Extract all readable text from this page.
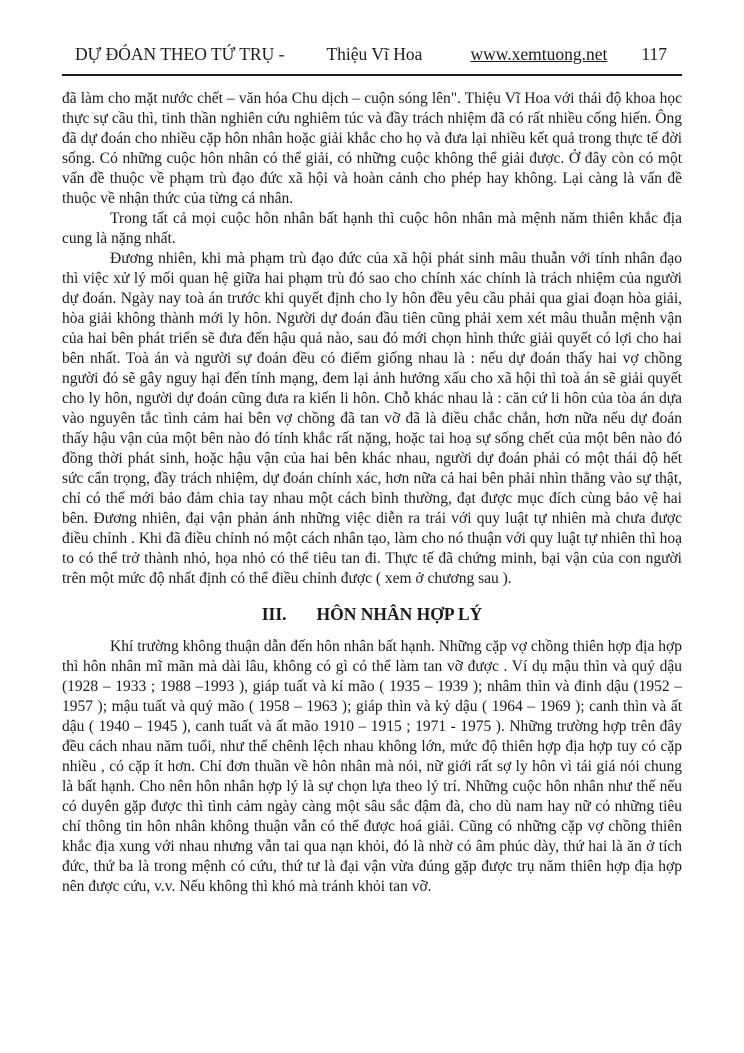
DỰ ĐÓAN THEO TỨ TRỤ - Thiệu Vĩ Hoa	www.xemtuong.net 117

đã làm cho mặt nước chết – văn hóa Chu dịch – cuộn sóng lên". Thiệu Vĩ Hoa với thái độ khoa học thực sự cầu thì, tinh thần nghiên cứu nghiêm túc và đầy trách nhiệm đã có rất nhiều cống hiến. Ông đã dự đoán cho nhiều cặp hôn nhân hoặc giải khắc cho họ và đưa lại nhiều kết quả trong thực tế đời sống. Có những cuộc hôn nhân có thể giải, có những cuộc không thể giải được. Ở đây còn có một vấn đề thuộc về phạm trù đạo đức xã hội và hoàn cảnh cho phép hay không. Lại càng là vấn đề thuộc về nhận thức của từng cá nhân.

Trong tất cả mọi cuộc hôn nhân bất hạnh thì cuộc hôn nhân mà mệnh năm thiên khắc địa cung là nặng nhất.

Đương nhiên, khi mà phạm trù đạo đức của xã hội phát sinh mâu thuẫn với tính nhân đạo thì việc xử lý mối quan hệ giữa hai phạm trù đó sao cho chính xác chính là trách nhiệm của người dự đoán. Ngày nay toà án trước khi quyết định cho ly hôn đều yêu cầu phải qua giai đoạn hòa giải, hòa giải không thành mới ly hôn. Người dự đoán đầu tiên cũng phải xem xét mâu thuẫn mệnh vận của hai bên phát triển sẽ đưa đến hậu quả nào, sau đó mới chọn hình thức giải quyết có lợi cho hai bên nhất. Toà án và người sự đoán đều có điểm giống nhau là : nếu dự đoán thấy hai vợ chồng người đó sẽ gây nguy hại đến tính mạng, đem lại ảnh hưởng xấu cho xã hội thì toà án sẽ giải quyết cho ly hôn, người dự đoán cũng đưa ra kiến li hôn. Chỗ khác nhau là : căn cứ li hôn của tòa án dựa vào nguyên tắc tình cảm hai bên vợ chồng đã tan vỡ đã là điều chắc chắn, hơn nữa nếu dự đoán thấy hậu vận của một bên nào đó tính khắc rất nặng, hoặc tai hoạ sự sống chết của một bên nào đó đồng thời phát sinh, hoặc hậu vận của hai bên khác nhau, người dự đoán phải có một thái độ hết sức cẩn trọng, đầy trách nhiệm, dự đoán chính xác, hơn nữa cả hai bên phải nhìn thẳng vào sự thật, chỉ có thế mới bảo đảm chia tay nhau một cách bình thường, đạt được mục đích cùng bảo vệ hai bên. Đương nhiên, đại vận phản ánh những việc diễn ra trái với quy luật tự nhiên mà chưa được điều chỉnh . Khi đã điều chỉnh nó một cách nhân tạo, làm cho nó thuận với quy luật tự nhiên thì hoạ to có thể trở thành nhỏ, họa nhỏ có thể tiêu tan đi. Thực tế đã chứng minh, bại vận của con người trên một mức độ nhất định có thể điều chỉnh được ( xem ở chương sau ).

III. HÔN NHÂN HỢP LÝ

Khí trường không thuận dẫn đến hôn nhân bất hạnh. Những cặp vợ chồng thiên hợp địa hợp thì hôn nhân mĩ mãn mà dài lâu, không có gì có thể làm tan vỡ được . Ví dụ mậu thìn và quý dậu (1928 – 1933 ; 1988 –1993 ), giáp tuất và kỉ mão ( 1935 – 1939 ); nhâm thìn và đinh dậu (1952 – 1957 ); mậu tuất và quý mão ( 1958 – 1963 ); giáp thìn và kỷ dậu ( 1964 – 1969 ); canh thìn và ất dậu ( 1940 – 1945 ), canh tuất và ất mão 1910 – 1915 ; 1971 - 1975 ). Những trường hợp trên đây đều cách nhau năm tuổi, như thế chênh lệch nhau không lớn, mức độ thiên hợp địa hợp tuy có cặp nhiều , có cặp ít hơn. Chỉ đơn thuần về hôn nhân mà nói, nữ giới rất sợ ly hôn vì tái giá nói chung là bất hạnh. Cho nên hôn nhân hợp lý là sự chọn lựa theo lý trí. Những cuộc hôn nhân như thế nếu có duyên gặp được thì tình cảm ngày càng một sâu sắc đậm đà, cho dù nam hay nữ có những tiêu chí thông tin hôn nhân không thuận vẫn có thể được hoá giải. Cũng có những cặp vợ chồng thiên khắc địa xung với nhau nhưng vẫn tai qua nạn khỏi, đó là nhờ có âm phúc dày, thứ hai là ăn ở tích đức, thứ ba là trong mệnh có cứu, thứ tư là đại vận vừa đúng gặp được trụ năm thiên hợp địa hợp nên được cứu, v.v. Nếu không thì khó mà tránh khỏi tan vỡ.
